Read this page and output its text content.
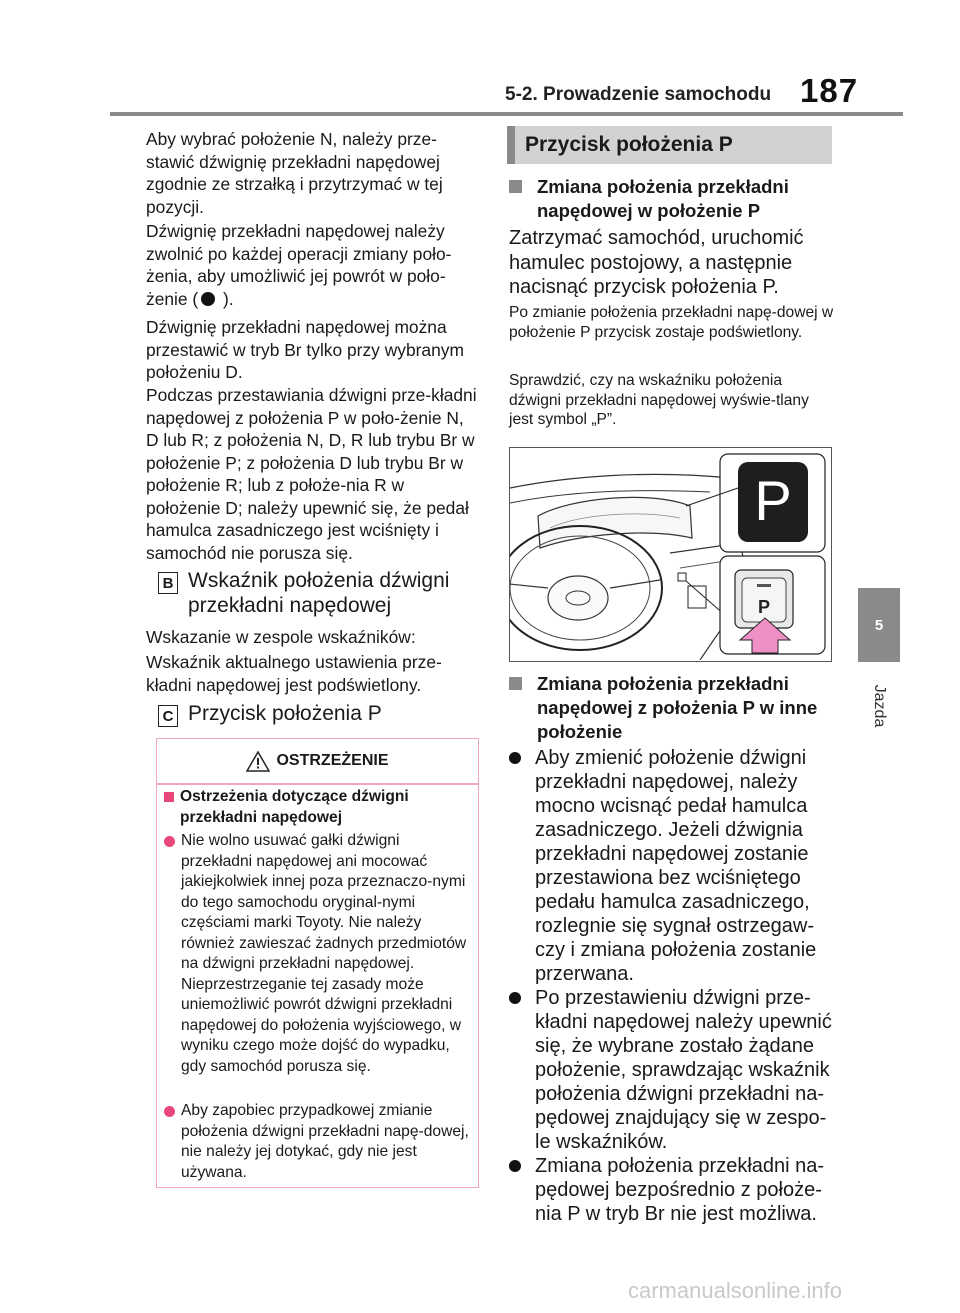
5-2. Prowadzenie samochodu 187
5
Jazda

Aby wybrać położenie N, należy prze-stawić dźwignię przekładni napędowej zgodnie ze strzałką i przytrzymać w tej pozycji.

Dźwignię przekładni napędowej należy zwolnić po każdej operacji zmiany poło-żenia, aby umożliwić jej powrót w poło-żenie ( ).

Dźwignię przekładni napędowej można przestawić w tryb Br tylko przy wybranym położeniu D.

Podczas przestawiania dźwigni prze-kładni napędowej z położenia P w poło-żenie N, D lub R; z położenia N, D, R lub trybu Br w położenie P; z położenia D lub trybu Br w położenie R; lub z położe-nia R w położenie D; należy upewnić się, że pedał hamulca zasadniczego jest wciśnięty i samochód nie porusza się.

B Wskaźnik położenia dźwigni przekładni napędowej

Wskazanie w zespole wskaźników:

Wskaźnik aktualnego ustawienia prze-kładni napędowej jest podświetlony.

C Przycisk położenia P
OSTRZEŻENIE
Ostrzeżenia dotyczące dźwigni przekładni napędowej
Nie wolno usuwać gałki dźwigni przekładni napędowej ani mocować jakiejkolwiek innej poza przeznaczo-nymi do tego samochodu oryginal-nymi częściami marki Toyoty. Nie należy również zawieszać żadnych przedmiotów na dźwigni przekładni napędowej. Nieprzestrzeganie tej zasady może uniemożliwić powrót dźwigni przekładni napędowej do położenia wyjściowego, w wyniku czego może dojść do wypadku, gdy samochód porusza się.
Aby zapobiec przypadkowej zmianie położenia dźwigni przekładni napę-dowej, nie należy jej dotykać, gdy nie jest używana.
Przycisk położenia P
Zmiana położenia przekładni napędowej w położenie P

Zatrzymać samochód, uruchomić hamulec postojowy, a następnie nacisnąć przycisk położenia P.

Po zmianie położenia przekładni napę-dowej w położenie P przycisk zostaje podświetlony.

Sprawdzić, czy na wskaźniku położenia dźwigni przekładni napędowej wyświe-tlany jest symbol „P”.

P
P
Zmiana położenia przekładni napędowej z położenia P w inne położenie
Aby zmienić położenie dźwigni przekładni napędowej, należy mocno wcisnąć pedał hamulca zasadniczego. Jeżeli dźwignia przekładni napędowej zostanie przestawiona bez wciśniętego pedału hamulca zasadniczego, rozlegnie się sygnał ostrzegaw-czy i zmiana położenia zostanie przerwana.
Po przestawieniu dźwigni prze-kładni napędowej należy upewnić się, że wybrane zostało żądane położenie, sprawdzając wskaźnik położenia dźwigni przekładni na-pędowej znajdujący się w zespo-le wskaźników.
Zmiana położenia przekładni na-pędowej bezpośrednio z położe-nia P w tryb Br nie jest możliwa.
carmanualsonline.info
